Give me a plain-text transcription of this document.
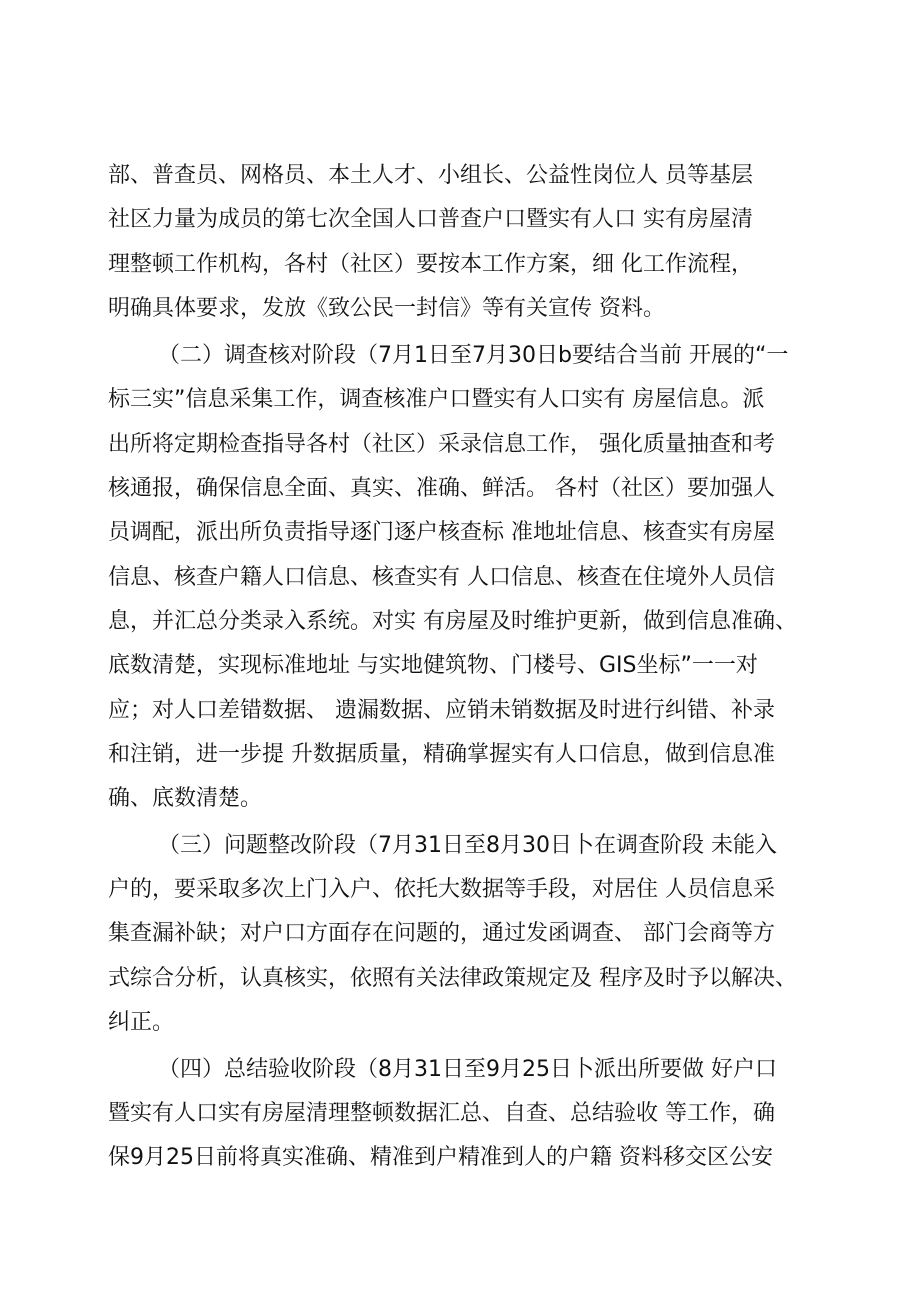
部、普查员、网格员、本土人才、小组长、公益性岗位人 员等基层
社区力量为成员的第七次全国人口普查户口暨实有人口 实有房屋清
理整顿工作机构，各村（社区）要按本工作方案，细 化工作流程，
明确具体要求，发放《致公民一封信》等有关宣传 资料。
（二）调查核对阶段（7月1日至7月30日b要结合当前 开展的“一
标三实”信息采集工作，调查核准户口暨实有人口实有 房屋信息。派
出所将定期检查指导各村（社区）采录信息工作， 强化质量抽查和考
核通报，确保信息全面、真实、准确、鲜活。 各村（社区）要加强人
员调配，派出所负责指导逐门逐户核查标 准地址信息、核查实有房屋
信息、核查户籍人口信息、核查实有 人口信息、核查在住境外人员信
息，并汇总分类录入系统。对实 有房屋及时维护更新，做到信息准确、
底数清楚，实现标准地址 与实地健筑物、门楼号、GIS坐标”一一对
应；对人口差错数据、 遗漏数据、应销未销数据及时进行纠错、补录
和注销，进一步提 升数据质量，精确掌握实有人口信息，做到信息准
确、底数清楚。
（三）问题整改阶段（7月31日至8月30日卜在调查阶段 未能入
户的，要采取多次上门入户、依托大数据等手段，对居住 人员信息采
集查漏补缺；对户口方面存在问题的，通过发函调查、 部门会商等方
式综合分析，认真核实，依照有关法律政策规定及 程序及时予以解决、
纠正。
（四）总结验收阶段（8月31日至9月25日卜派出所要做 好户口
暨实有人口实有房屋清理整顿数据汇总、自查、总结验收 等工作，确
保9月25日前将真实准确、精准到户精准到人的户籍 资料移交区公安
